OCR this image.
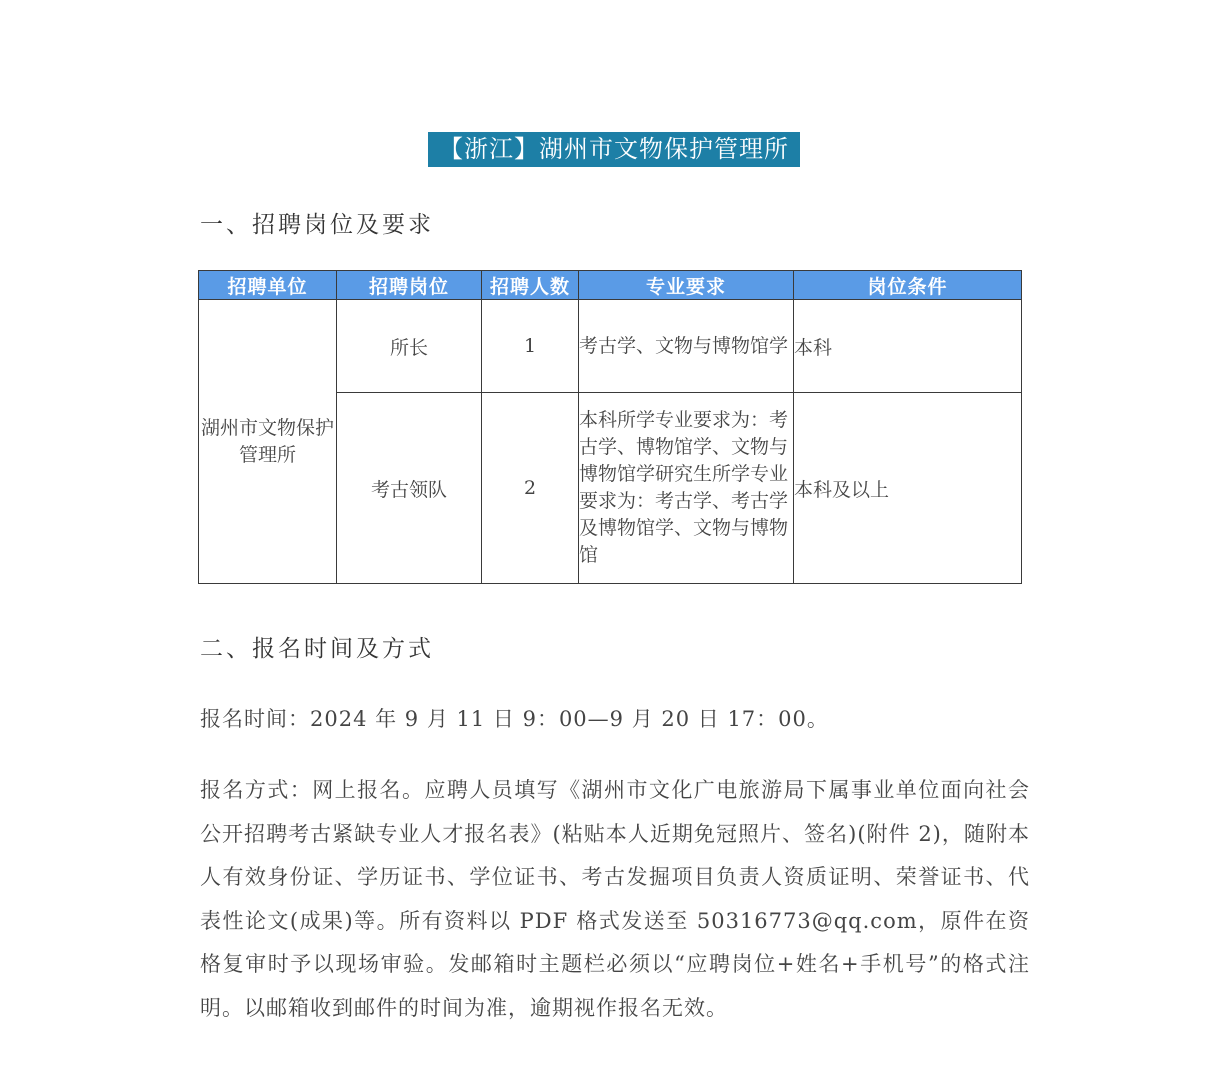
【浙江】湖州市文物保护管理所
一、招聘岗位及要求
招聘单位	招聘岗位	招聘人数	专业要求	岗位条件
湖州市文物保护管理所	所长	1	考古学、文物与博物馆学	本科
	考古领队	2	本科所学专业要求为：考古学、博物馆学、文物与博物馆学研究生所学专业要求为：考古学、考古学及博物馆学、文物与博物馆	本科及以上
二、报名时间及方式
报名时间：2024 年 9 月 11 日 9：00—9 月 20 日 17：00。
报名方式：网上报名。应聘人员填写《湖州市文化广电旅游局下属事业单位面向社会公开招聘考古紧缺专业人才报名表》(粘贴本人近期免冠照片、签名)(附件 2)，随附本人有效身份证、学历证书、学位证书、考古发掘项目负责人资质证明、荣誉证书、代表性论文(成果)等。所有资料以 PDF 格式发送至 50316773@qq.com，原件在资格复审时予以现场审验。发邮箱时主题栏必须以“应聘岗位+姓名+手机号”的格式注明。以邮箱收到邮件的时间为准，逾期视作报名无效。
